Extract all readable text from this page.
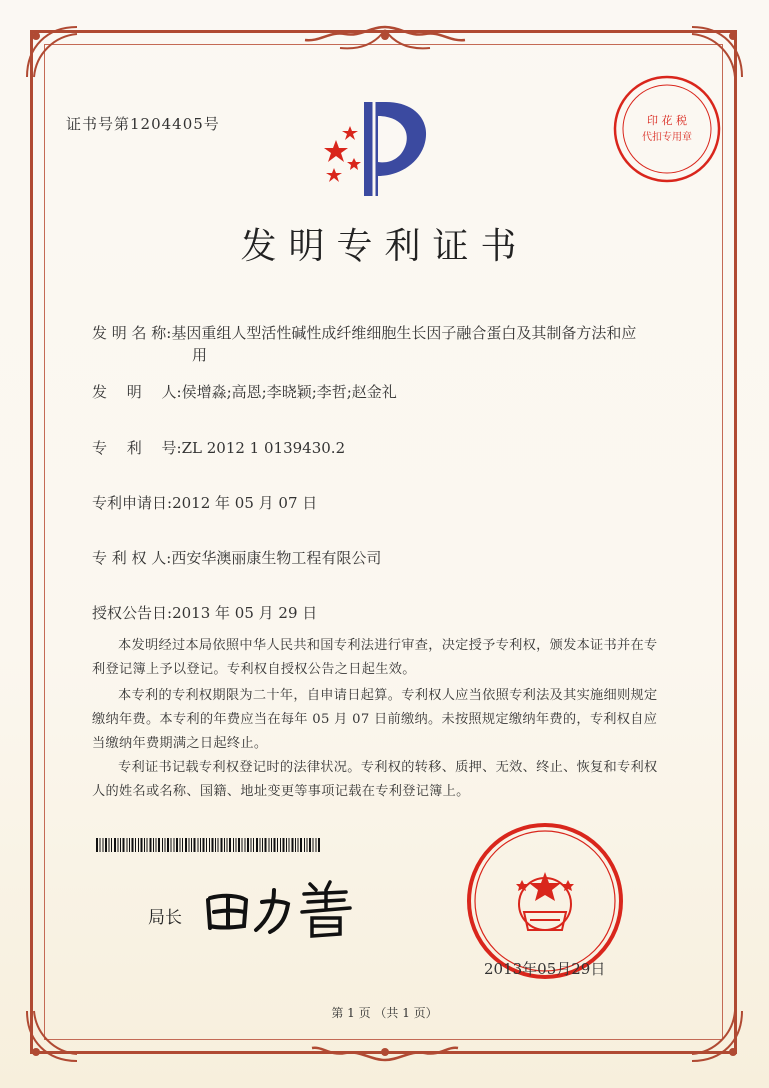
证书号第1204405号	印 花 税
代扣专用章
发明专利证书
发 明 名 称:基因重组人型活性碱性成纤维细胞生长因子融合蛋白及其制备方法和应
用
发　 明　 人:侯增淼;高恩;李晓颖;李哲;赵金礼
专　 利　 号:ZL 2012 1 0139430.2
专利申请日:2012 年 05 月 07 日
专 利 权 人:西安华澳丽康生物工程有限公司
授权公告日:2013 年 05 月 29 日
本发明经过本局依照中华人民共和国专利法进行审查，决定授予专利权，颁发本证书并在专利登记簿上予以登记。专利权自授权公告之日起生效。
本专利的专利权期限为二十年，自申请日起算。专利权人应当依照专利法及其实施细则规定缴纳年费。本专利的年费应当在每年 05 月 07 日前缴纳。未按照规定缴纳年费的，专利权自应当缴纳年费期满之日起终止。
专利证书记载专利权登记时的法律状况。专利权的转移、质押、无效、终止、恢复和专利权人的姓名或名称、国籍、地址变更等事项记载在专利登记簿上。
局长
2013年05月29日
第 1 页 （共 1 页）
